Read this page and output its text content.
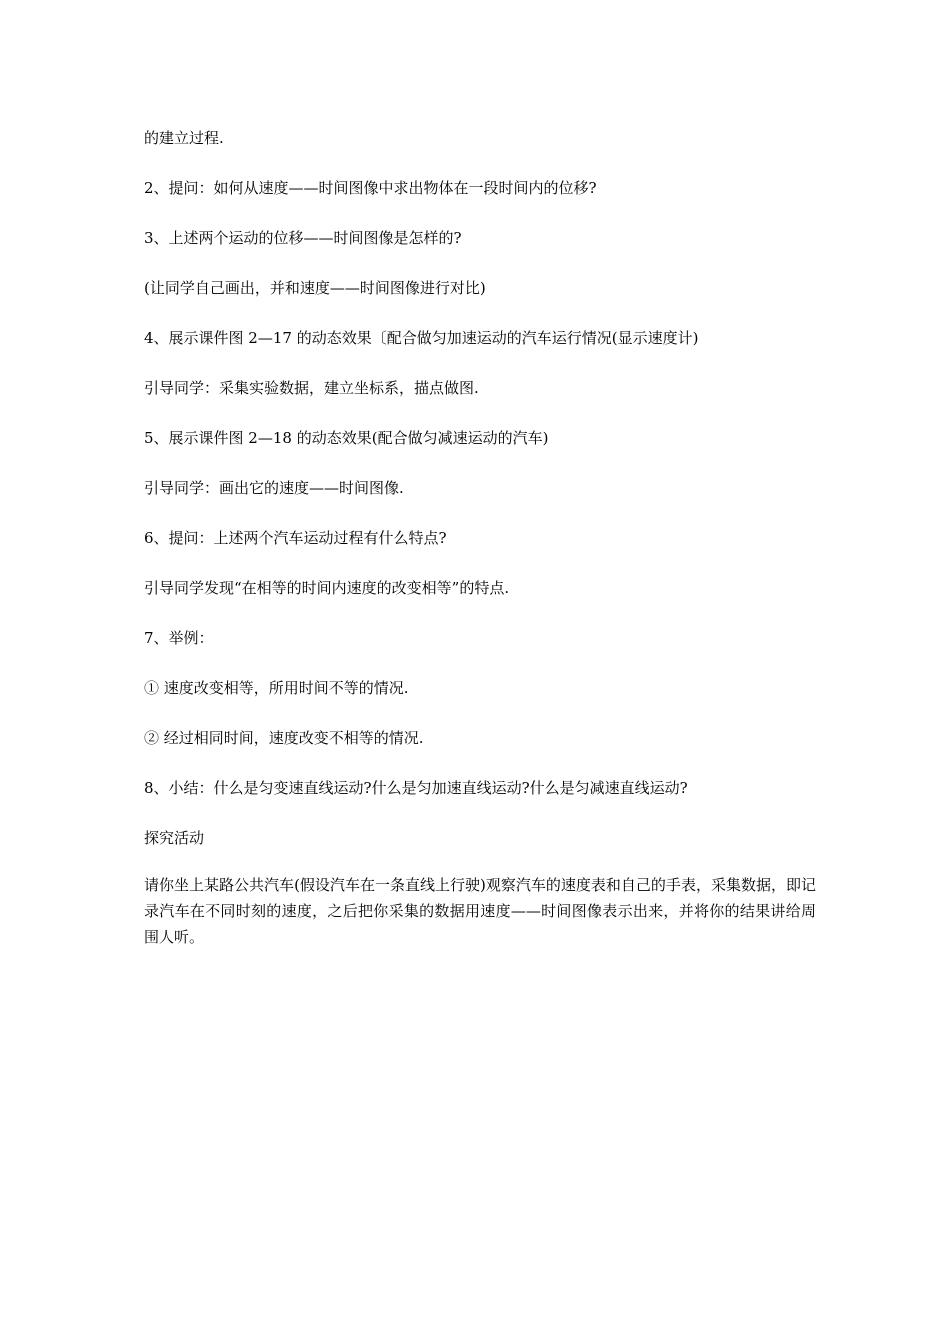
的建立过程.

2、提问：如何从速度——时间图像中求出物体在一段时间内的位移?

3、上述两个运动的位移——时间图像是怎样的?

(让同学自己画出，并和速度——时间图像进行对比)

4、展示课件图 2—17 的动态效果〔配合做匀加速运动的汽车运行情况(显示速度计)

引导同学：采集实验数据，建立坐标系，描点做图.

5、展示课件图 2—18 的动态效果(配合做匀减速运动的汽车)

引导同学：画出它的速度——时间图像.

6、提问：上述两个汽车运动过程有什么特点?

引导同学发现“在相等的时间内速度的改变相等”的特点.

7、举例：

① 速度改变相等，所用时间不等的情况.

② 经过相同时间，速度改变不相等的情况.

8、小结：什么是匀变速直线运动?什么是匀加速直线运动?什么是匀减速直线运动?

探究活动

请你坐上某路公共汽车(假设汽车在一条直线上行驶)观察汽车的速度表和自己的手表，采集数据，即记录汽车在不同时刻的速度，之后把你采集的数据用速度——时间图像表示出来，并将你的结果讲给周围人听。
